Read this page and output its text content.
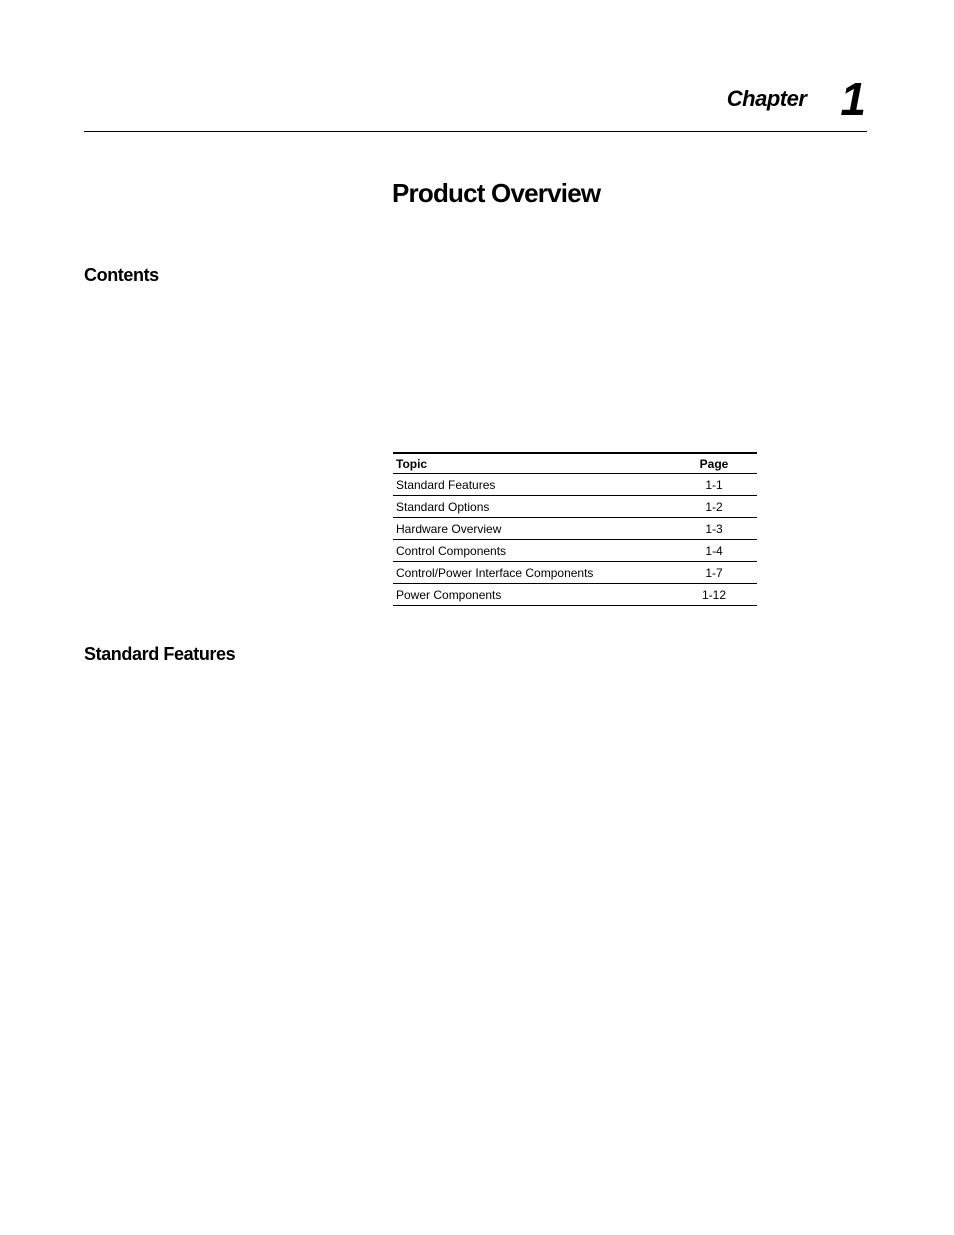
Chapter 1
Product Overview
Contents
Topic	Page
Standard Features	1-1
Standard Options	1-2
Hardware Overview	1-3
Control Components	1-4
Control/Power Interface Components	1-7
Power Components	1-12
Standard Features
